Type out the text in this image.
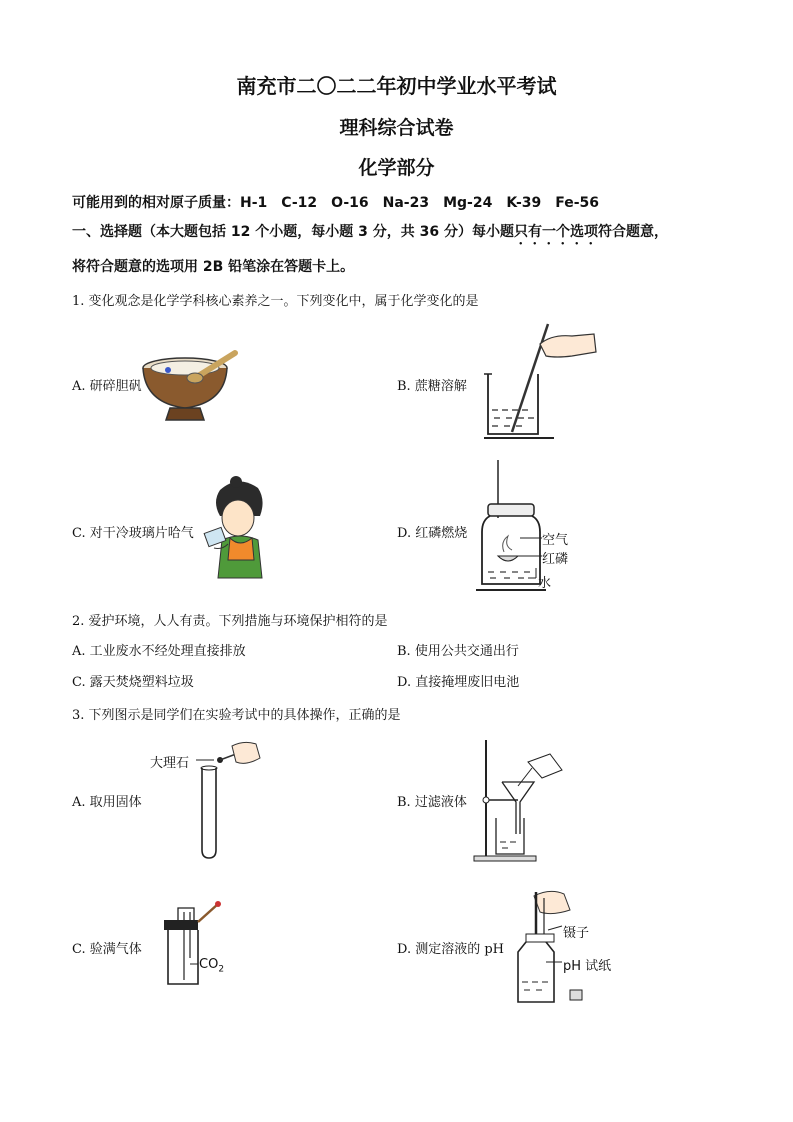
南充市二〇二二年初中学业水平考试
理科综合试卷
化学部分
可能用到的相对原子质量：H-1　C-12　O-16　Na-23　Mg-24　K-39　Fe-56
一、选择题（本大题包括 12 个小题，每小题 3 分，共 36 分）每小题只有一个选项符合题意，
将符合题意的选项用 2B 铅笔涂在答题卡上。
1. 变化观念是化学学科核心素养之一。下列变化中，属于化学变化的是
A. 研碎胆矾	B. 蔗糖溶解
C. 对干冷玻璃片哈气	D. 红磷燃烧	空气
红磷
水
2. 爱护环境，人人有责。下列措施与环境保护相符的是
A. 工业废水不经处理直接排放	B. 使用公共交通出行
C. 露天焚烧塑料垃圾	D. 直接掩埋废旧电池
3. 下列图示是同学们在实验考试中的具体操作，正确的是
A. 取用固体
大理石
B. 过滤液体
C. 验满气体
$CO_2$
D. 测定溶液的 pH
镊子
pH 试纸
